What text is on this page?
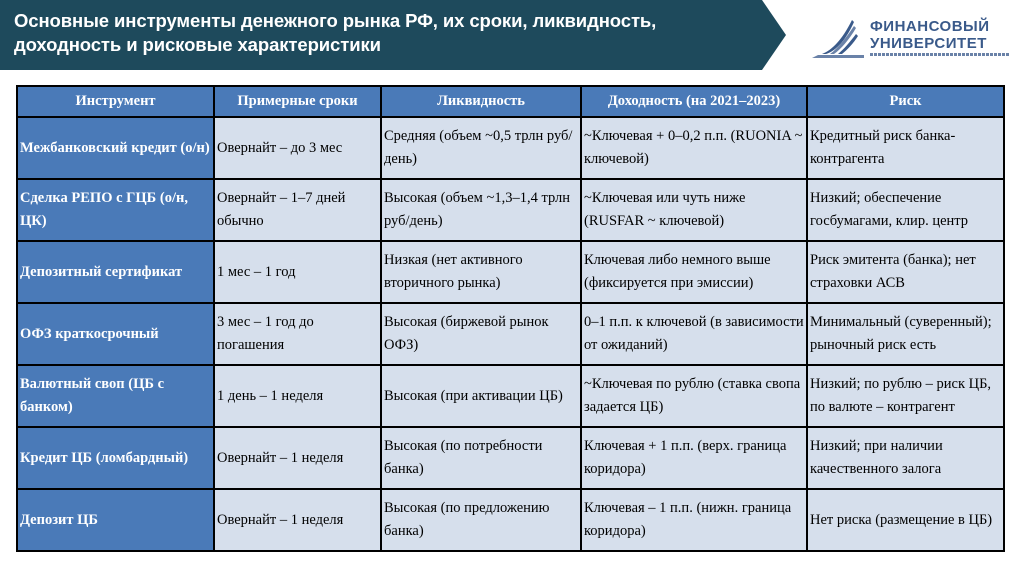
Основные инструменты денежного рынка РФ, их сроки, ликвидность, доходность и рисковые характеристики
ФИНАНСОВЫЙ
УНИВЕРСИТЕТ
Инструмент	Примерные сроки	Ликвидность	Доходность (на 2021–2023)	Риск
Межбанковский кредит (о/н)	Овернайт – до 3 мес	Средняя (объем ~0,5 трлн руб/день)	~Ключевая + 0–0,2 п.п. (RUONIA ~ ключевой)	Кредитный риск банка-контрагента
Сделка РЕПО с ГЦБ (о/н, ЦК)	Овернайт – 1–7 дней обычно	Высокая (объем ~1,3–1,4 трлн руб/день)	~Ключевая или чуть ниже (RUSFAR ~ ключевой)	Низкий; обеспечение госбумагами, клир. центр
Депозитный сертификат	1 мес – 1 год	Низкая (нет активного вторичного рынка)	Ключевая либо немного выше (фиксируется при эмиссии)	Риск эмитента (банка); нет страховки АСВ
ОФЗ краткосрочный	3 мес – 1 год до погашения	Высокая (биржевой рынок ОФЗ)	0–1 п.п. к ключевой (в зависимости от ожиданий)	Минимальный (суверенный); рыночный риск есть
Валютный своп (ЦБ с банком)	1 день – 1 неделя	Высокая (при активации ЦБ)	~Ключевая по рублю (ставка свопа задается ЦБ)	Низкий; по рублю – риск ЦБ, по валюте – контрагент
Кредит ЦБ (ломбардный)	Овернайт – 1 неделя	Высокая (по потребности банка)	Ключевая + 1 п.п. (верх. граница коридора)	Низкий; при наличии качественного залога
Депозит ЦБ	Овернайт – 1 неделя	Высокая (по предложению банка)	Ключевая – 1 п.п. (нижн. граница коридора)	Нет риска (размещение в ЦБ)
